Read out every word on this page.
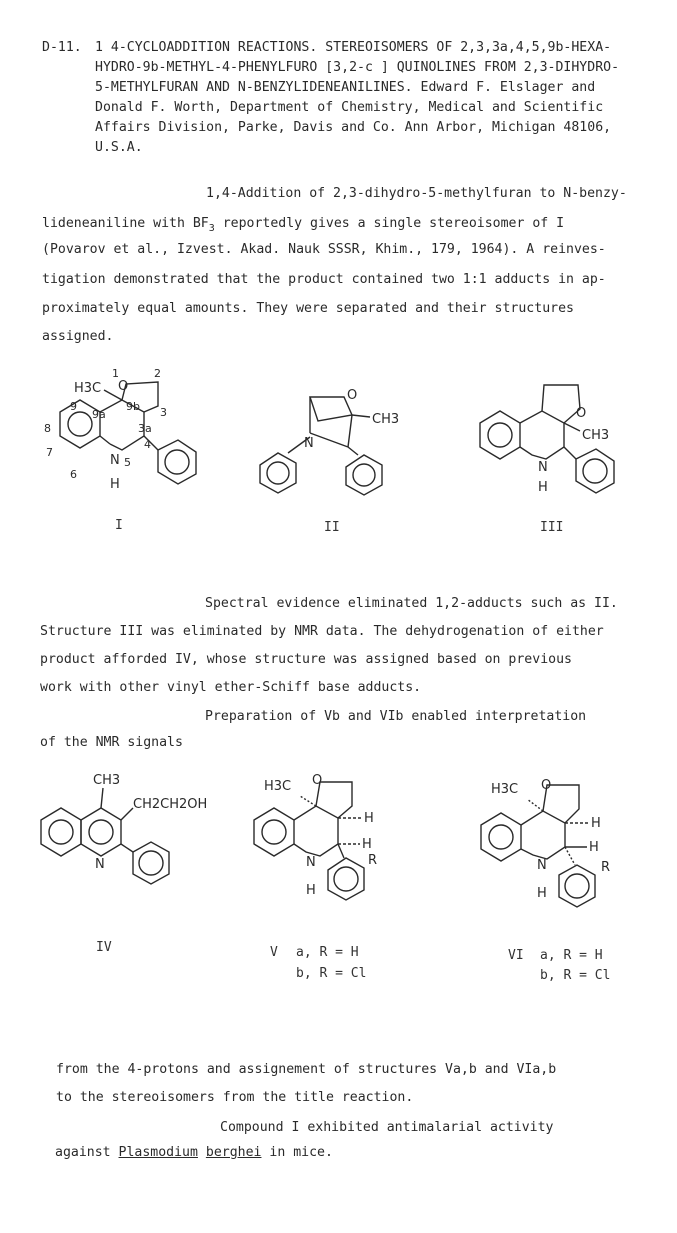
D-11. 1 4-CYCLOADDITION REACTIONS. STEREOISOMERS OF 2,3,3a,4,5,9b-HEXA-
HYDRO-9b-METHYL-4-PHENYLFURO [3,2-c ] QUINOLINES FROM 2,3-DIHYDRO-
5-METHYLFURAN AND N-BENZYLIDENEANILINES. Edward F. Elslager and
Donald F. Worth, Department of Chemistry, Medical and Scientific
Affairs Division, Parke, Davis and Co. Ann Arbor, Michigan 48106,
U.S.A.
1,4-Addition of 2,3-dihydro-5-methylfuran to N-benzy-
lideneaniline with $BF_3$ reportedly gives a single stereoisomer of I
(Povarov et al., Izvest. Akad. Nauk SSSR, Khim., 179, 1964). A reinves-
tigation demonstrated that the product contained two 1:1 adducts in ap-
proximately equal amounts. They were separated and their structures
assigned.
H3C O
N
H
1	2
3
3a
4
5
6
7
8
9
9a
9b
O
CH3
N
O
CH3
N
H
I	II	III
Spectral evidence eliminated 1,2-adducts such as II.
Structure III was eliminated by NMR data. The dehydrogenation of either
product afforded IV, whose structure was assigned based on previous
work with other vinyl ether-Schiff base adducts.
Preparation of Vb and VIb enabled interpretation
of the NMR signals
CH3
CH2CH2OH
N
H3C O
H
H
N
H
R
H3C O
H
H
N
H
R
IV	V a, R = H
b, R = Cl
VI a, R = H
b, R = Cl
from the 4-protons and assignement of structures Va,b and VIa,b
to the stereoisomers from the title reaction.
Compound I exhibited antimalarial activity
against Plasmodium berghei in mice.
